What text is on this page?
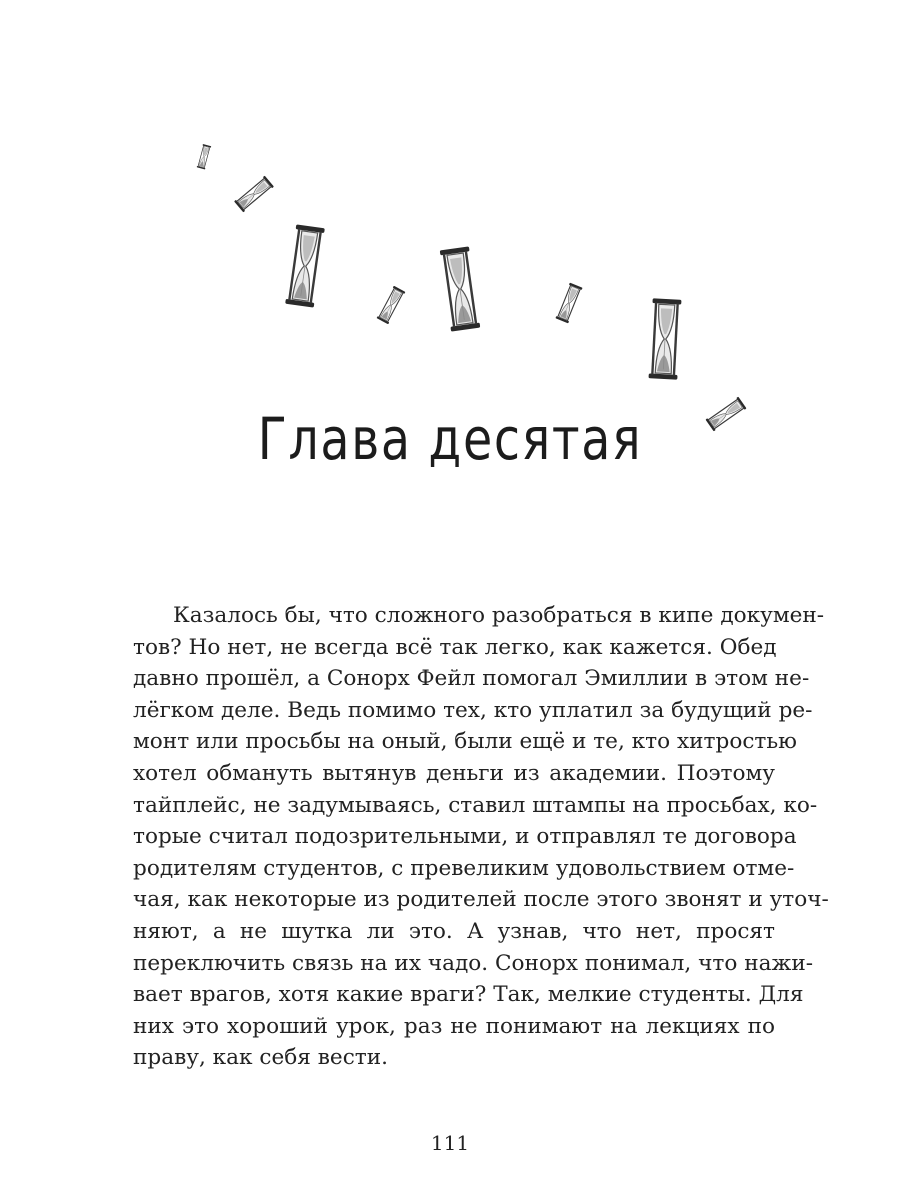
Глава десятая
Казалось бы, что сложного разобраться в кипе докумен-
тов? Но нет, не всегда всё так легко, как кажется. Обед
давно прошёл, а Сонорх Фейл помогал Эмиллии в этом не-
лёгком деле. Ведь помимо тех, кто уплатил за будущий ре-
монт или просьбы на оный, были ещё и те, кто хитростью
хотел обмануть вытянув деньги из академии. Поэтому
тайплейс, не задумываясь, ставил штампы на просьбах, ко-
торые считал подозрительными, и отправлял те договора
родителям студентов, с превеликим удовольствием отме-
чая, как некоторые из родителей после этого звонят и уточ-
няют, а не шутка ли это. А узнав, что нет, просят
переключить связь на их чадо. Сонорх понимал, что нажи-
вает врагов, хотя какие враги? Так, мелкие студенты. Для
них это хороший урок, раз не понимают на лекциях по
праву, как себя вести.
111
